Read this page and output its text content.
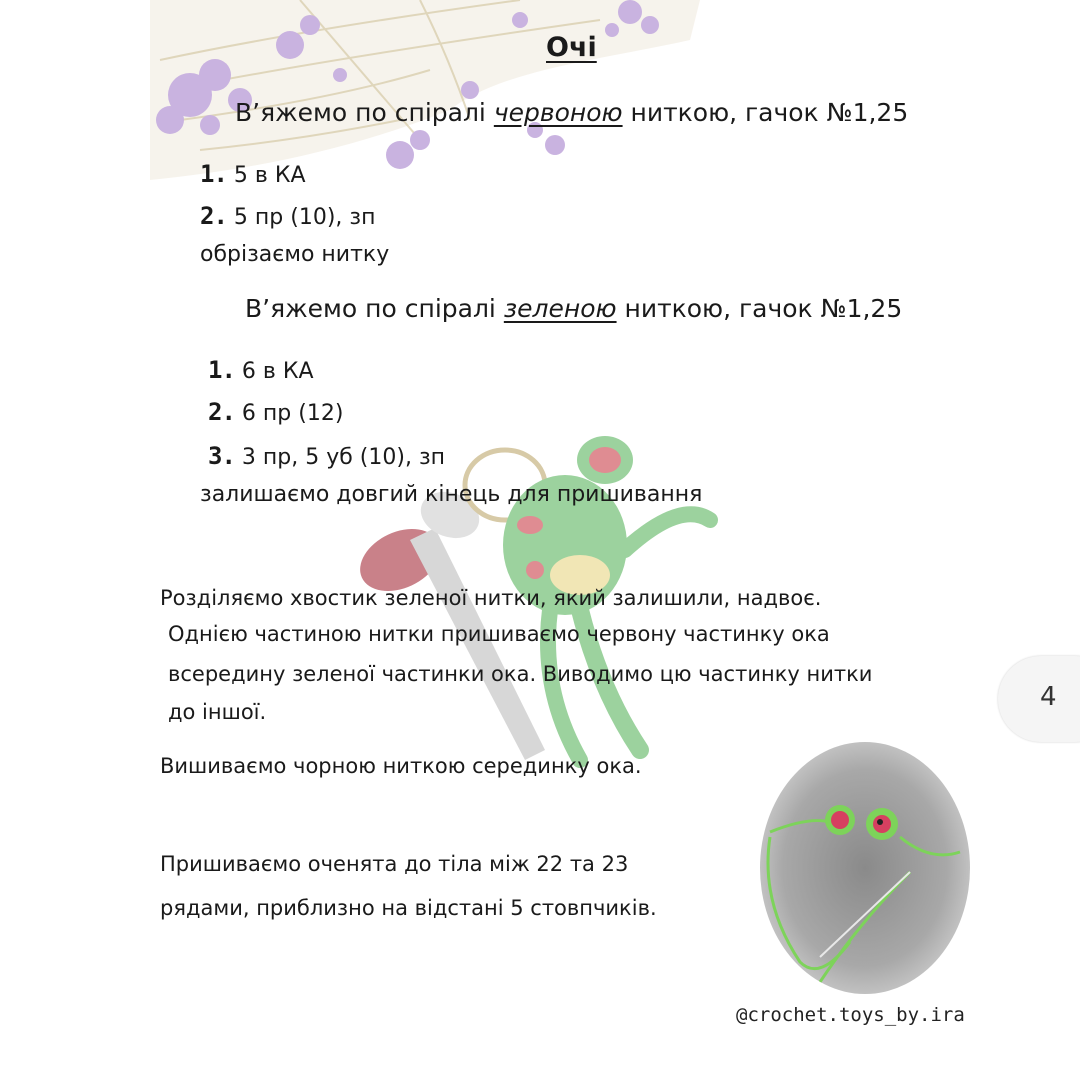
Очі
В’яжемо по спіралі червоною ниткою, гачок №1,25
1. 5 в КА
2. 5 пр (10), зп
обрізаємо нитку
В’яжемо по спіралі зеленою ниткою, гачок №1,25
1. 6 в КА
2. 6 пр (12)
3. 3 пр, 5 уб (10), зп
залишаємо довгий кінець для пришивання
Розділяємо хвостик зеленої нитки, який залишили, надвоє.
Однією частиною нитки пришиваємо червону частинку ока
всередину зеленої частинки ока. Виводимо цю частинку нитки
до іншої.
Вишиваємо чорною ниткою серединку ока.
Пришиваємо оченята до тіла між 22 та 23
рядами, приблизно на відстані 5 стовпчиків.
4
@crochet.toys_by.ira
